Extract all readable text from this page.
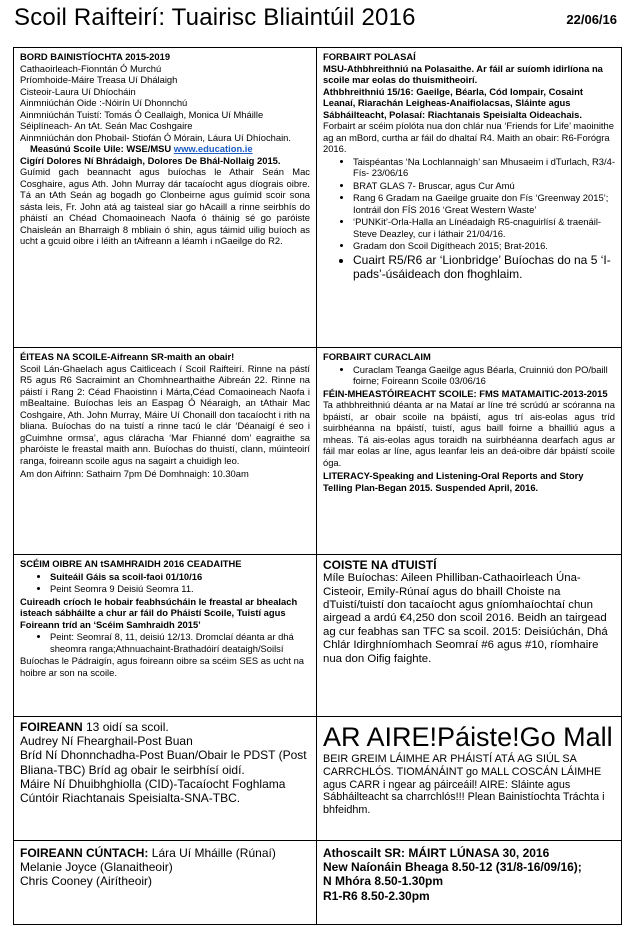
Scoil Raifteirí: Tuairisc Bliaintúil 2016	22/06/16
BORD BAINISTÍOCHTA 2015-2019
Cathaoirleach-Fionntán Ó Murchú
Príomhoide-Máire Treasa Uí Dhálaigh
Cisteoir-Laura Uí Dhíocháin
Ainmniúchán Oide :-Nóirín Uí Dhonnchú
Ainmniúchán Tuistí: Tomás Ó Ceallaigh, Monica Uí Mháille
Séiplíneach- An tAt. Seán Mac Coshgaire
Ainmniúchán don Phobail- Stiofán Ó Mórain, Láura Uí Dhíochain.
Measúnú Scoile Uile: WSE/MSU www.education.ie
Cigírí Dolores Ní Bhrádaigh, Dolores De Bhál-Nollaig 2015.
Guímid gach beannacht agus buíochas le Athair Seán Mac Cosghaire, agus Ath. John Murray dár tacaíocht agus díograis oibre. Tá an tAth Seán ag bogadh go Clonbeirne agus guímid scoir sona sásta leis, Fr. John atá ag taisteal siar go hAcaill a rinne seirbhís do pháistí an Chéad Chomaoineach Naofa ó tháinig sé go paróiste Chaisleán an Bharraigh 8 mbliain ó shin, agus táimid uilig buíoch as ucht a gcuid oibre i léith an tAifreann a léamh i nGaeilge do R2.
FORBAIRT POLASAÍ
MSU-Athbhreithniú na Polasaithe. Ar fáil ar suíomh idirlíona na scoile mar eolas do thuismitheoirí.
Athbhreithniú 15/16: Gaeilge, Béarla, Cód Iompair, Cosaint Leanaí, Riarachán Leigheas-Anaifiolacsas, Sláinte agus Sábháilteacht, Polasaí: Riachtanais Speisialta Oideachais.
Forbairt ar scéim píolóta nua don chlár nua ‘Friends for Life’ maoinithe ag an mBord, curtha ar fáil do dhaltaí R4. Maith an obair: R6-Forógra 2016.
• Taispéantas ‘Na Lochlannaigh’ san Mhusaeim i dTurlach, R3/4-Fís- 23/06/16
• BRAT GLAS 7- Bruscar, agus Cur Amú
• Rang 6 Gradam na Gaeilge gruaite don Fís ‘Greenway 2015’; Iontráil don FÍS 2016 ‘Great Western Waste’
• ‘PUNKit’-Orla-Halla an Línéadaigh R5-cnaguirlísí & traenáil- Steve Deazley, cur i láthair 21/04/16.
• Gradam don Scoil Digítheach 2015; Brat-2016.
• Cuairt R5/R6 ar ‘Lionbridge’ Buíochas do na 5 ‘I-pads’-úsáideach don fhoghlaim.
ÉITEAS NA SCOILE-Aifreann SR-maith an obair!
Scoil Lán-Ghaelach agus Caitliceach í Scoil Raifteirí. Rinne na pástí R5 agus R6 Sacraimint an Chomhnearthaithe Aibreán 22. Rinne na páistí i Rang 2: Céad Fhaoistinn i Márta,Céad Comaoineach Naofa i mBealtaine. Buíochas leis an Easpag Ó Néaraigh, an tAthair Mac Coshgaire, Ath. John Murray, Máire Uí Chonaill don tacaíocht i rith na bliana. Buíochas do na tuistí a rinne tacú le clár ‘Déanaigí é seo i gCuimhne ormsa’, agus cláracha ‘Mar Fhianné dom’ eagraithe sa pharóiste le freastal maith ann. Buíochas do thuistí, clann, múinteoirí ranga, foireann scoile agus na sagairt a chuidigh leo.
Am don Aifrinn: Sathairn 7pm Dé Domhnaigh: 10.30am
FORBAIRT CURACLAIM
• Curaclam Teanga Gaeilge agus Béarla, Cruinniú don PO/baill foirne; Foireann Scoile 03/06/16
FÉIN-MHEASTÓIREACHT SCOILE: FMS MATAMAITIC-2013-2015
Ta athbhreithniú déanta ar na Mataí ar líne tré scrúdú ar scóranna na bpáistí, ar obair scoile na bpáistí, agus trí ais-eolas agus tríd suirbhéanna na bpáistí, tuistí, agus baill foirne a bhailliú agus a mheas. Tá ais-eolas agus toraidh na suirbhéanna dearfach agus ar fáil mar eolas ar líne, agus leanfar leis an deá-oibre dár bpáistí scoile óga.
LITERACY-Speaking and Listening-Oral Reports and Story Telling Plan-Began 2015. Suspended April, 2016.
SCÉIM OIBRE AN tSAMHRAIDH 2016 CEADAITHE
• Suiteáil Gáis sa scoil-faoi 01/10/16
• Peint Seomra 9 Deisiú Seomra 11.
Cuireadh críoch le hobair feabhsúcháin le freastal ar bhealach isteach sábháilte a chur ar fáil do Pháistí Scoile, Tuistí agus Foireann tríd an ‘Scéim Samhraidh 2015’
• Peint: Seomraí 8, 11, deisiú 12/13. Dromclaí déanta ar dhá sheomra ranga;Athnuachaint-Brathadóirí deataigh/Soilsí
Buíochas le Pádraigín, agus foireann oibre sa scéim SES as ucht na hoibre ar son na scoile.
COISTE NA dTUISTÍ
Míle Buíochas: Aileen Philliban-Cathaoirleach Úna- Cisteoir, Emily-Rúnaí agus do bhaill Choiste na dTuistí/tuistí don tacaíocht agus gníomhaíochtaí chun airgead a ardú €4,250 don scoil 2016. Beidh an tairgead ag cur feabhas san TFC sa scoil. 2015: Deisiúchán, Dhá Chlár Idirghníomhach Seomraí #6 agus #10, ríomhaire nua don Oifig faighte.
FOIREANN 13 oidí sa scoil.
Audrey Ní Fhearghail-Post Buan
Bríd Ní Dhonnchadha-Post Buan/Obair le PDST (Post Bliana-TBC) Bríd ag obair le seirbhísí oidí.
Máire Ní Dhuibhghiolla (CID)-Tacaíocht Foghlama
Cúntóir Riachtanais Speisialta-SNA-TBC.
AR AIRE!Páiste!Go Mall
BEIR GREIM LÁIMHE AR PHÁISTÍ ATÁ AG SIÚL SA CARRCHLÓS. TIOMÁNÁINT go MALL COSCÁN LÁIMHE agus CARR i ngear ag páirceáil! AIRE: Sláinte agus Sábháilteacht sa charrchlós!!! Plean Bainistíochta Tráchta i bhfeidhm.
FOIREANN CÚNTACH: Lára Uí Mháille (Rúnaí)
Melanie Joyce (Glanaitheoir)
Chris Cooney (Airítheoir)
Athoscailt SR: MÁIRT LÚNASA 30, 2016
New Naíonáin Bheaga 8.50-12 (31/8-16/09/16);
N Mhóra 8.50-1.30pm
R1-R6 8.50-2.30pm
